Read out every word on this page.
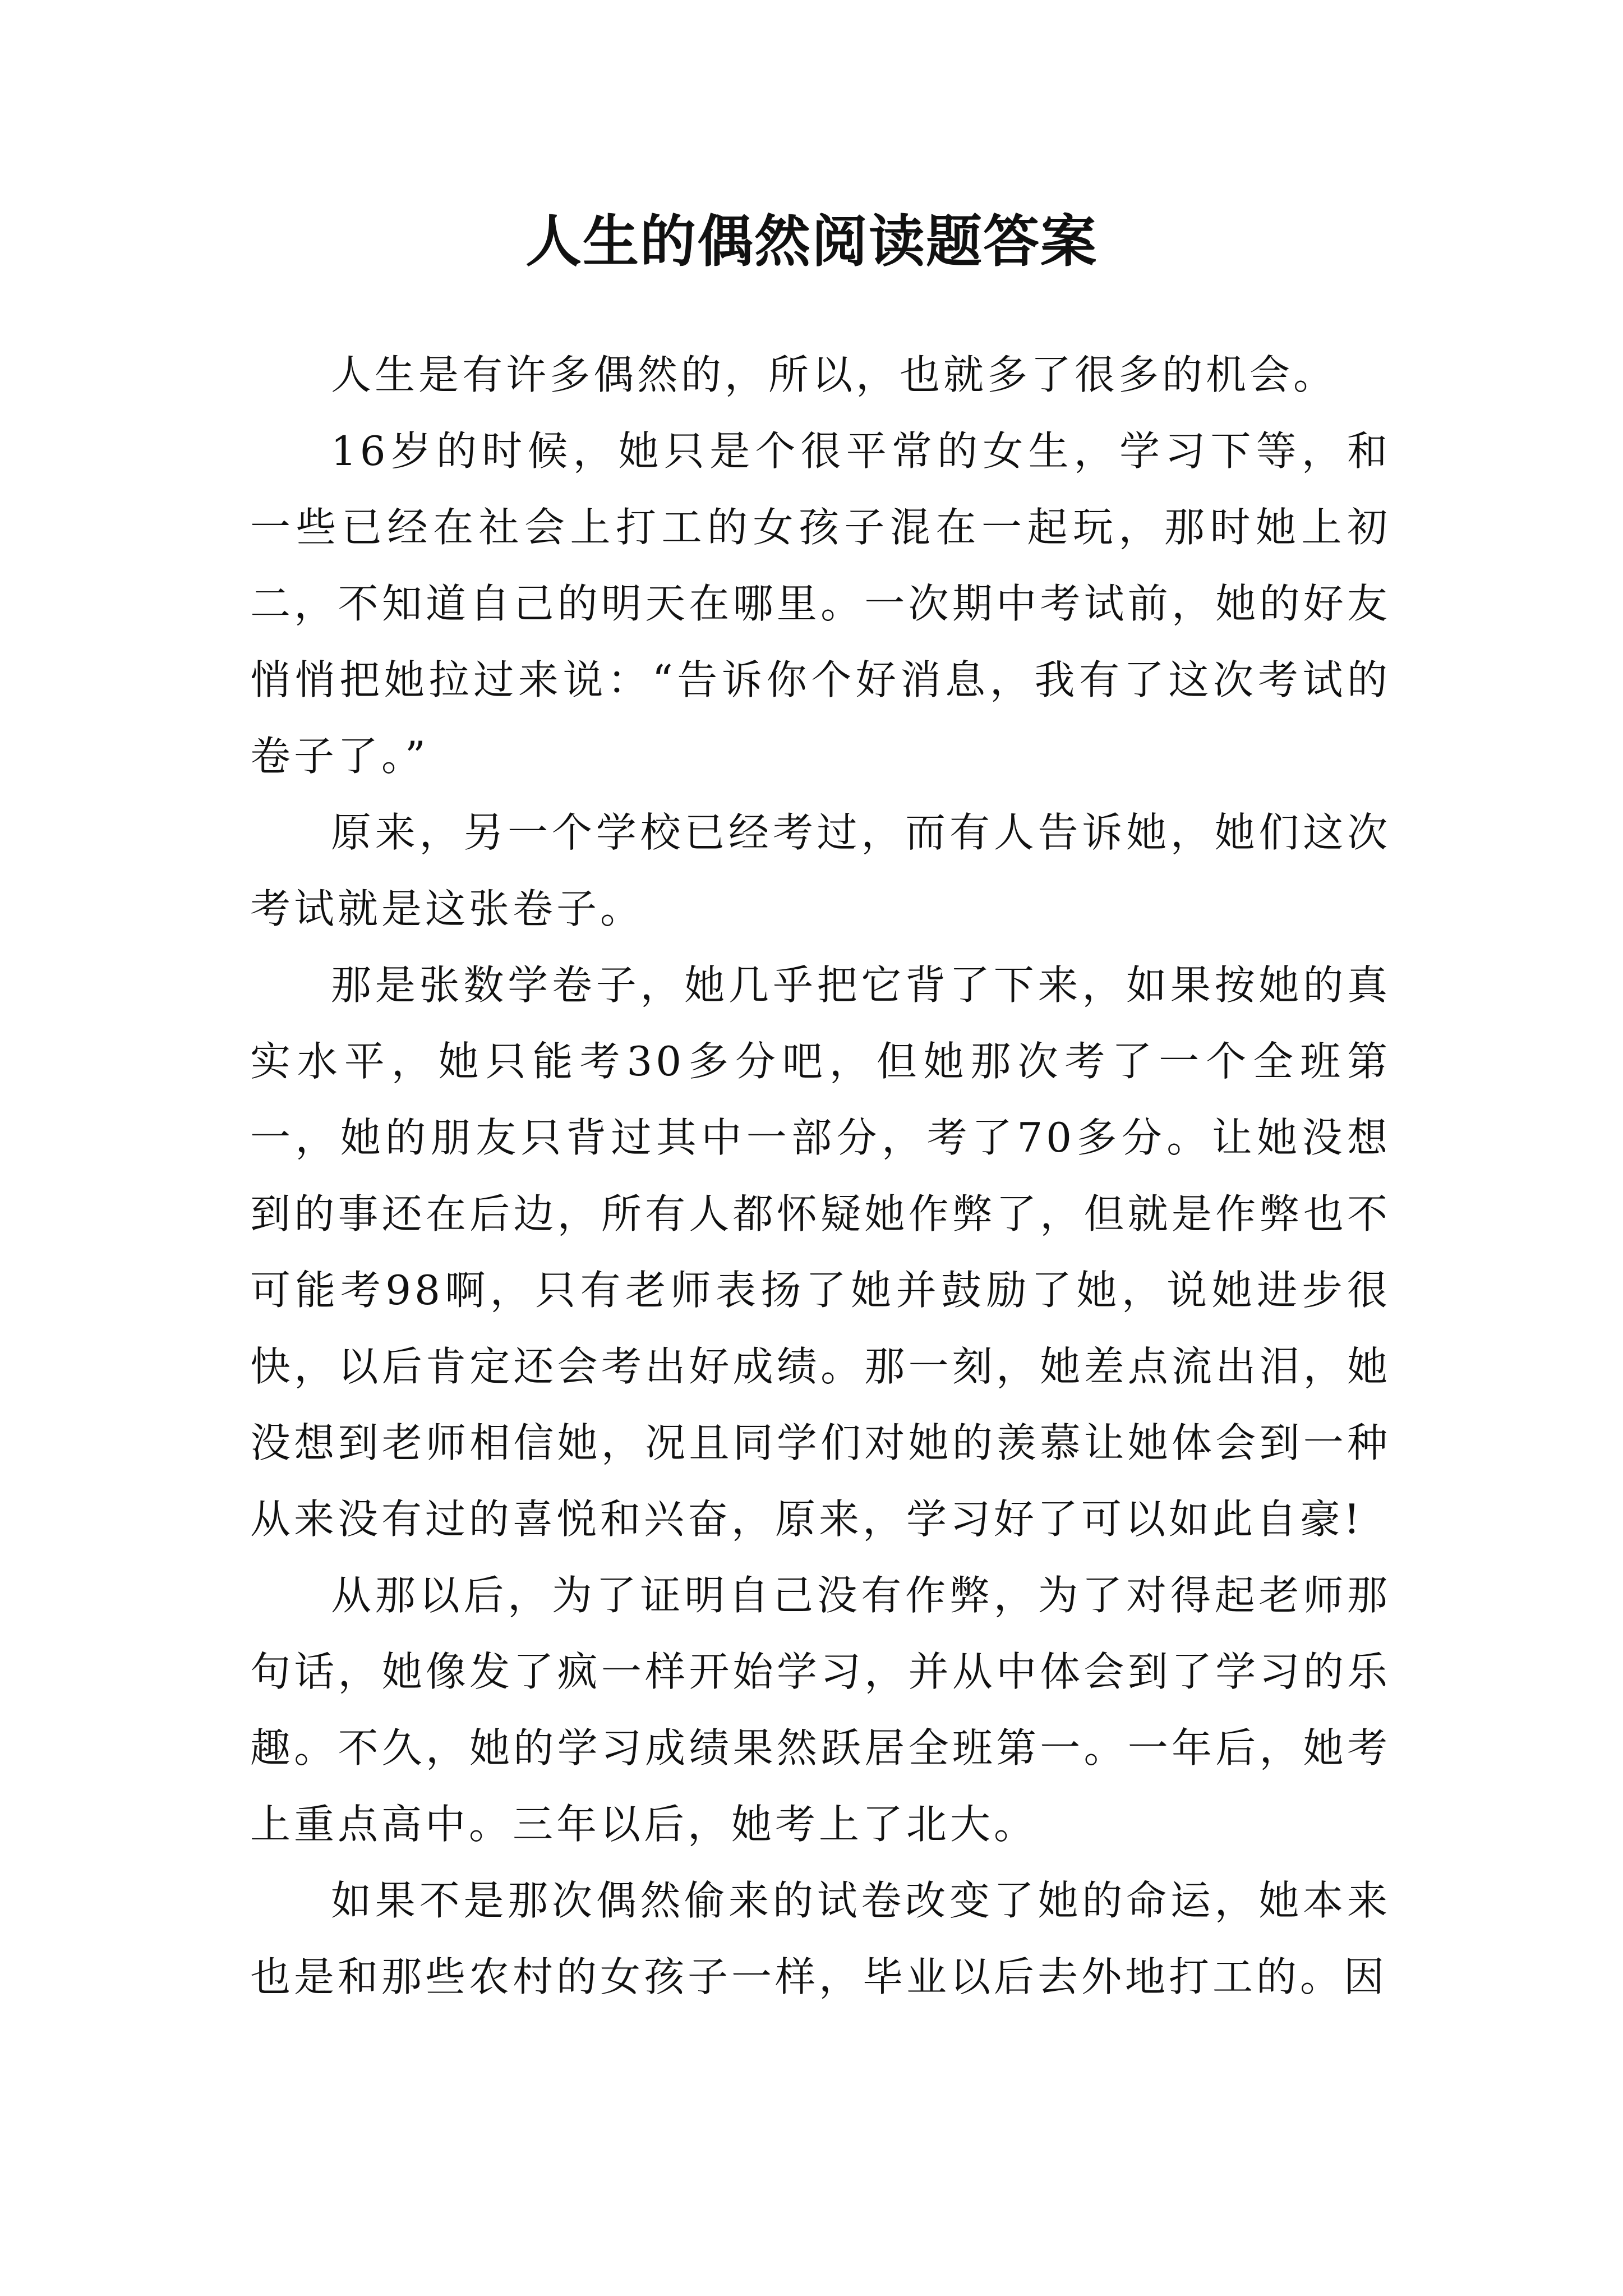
人生的偶然阅读题答案

人生是有许多偶然的，所以，也就多了很多的机会。

16岁的时候，她只是个很平常的女生，学习下等，和一些已经在社会上打工的女孩子混在一起玩，那时她上初二，不知道自己的明天在哪里。一次期中考试前，她的好友悄悄把她拉过来说：“告诉你个好消息，我有了这次考试的卷子了。”

原来，另一个学校已经考过，而有人告诉她，她们这次考试就是这张卷子。

那是张数学卷子，她几乎把它背了下来，如果按她的真实水平，她只能考30多分吧，但她那次考了一个全班第一，她的朋友只背过其中一部分，考了70多分。让她没想到的事还在后边，所有人都怀疑她作弊了，但就是作弊也不可能考98啊，只有老师表扬了她并鼓励了她，说她进步很快，以后肯定还会考出好成绩。那一刻，她差点流出泪，她没想到老师相信她，况且同学们对她的羡慕让她体会到一种从来没有过的喜悦和兴奋，原来，学习好了可以如此自豪!

从那以后，为了证明自己没有作弊，为了对得起老师那句话，她像发了疯一样开始学习，并从中体会到了学习的乐趣。不久，她的学习成绩果然跃居全班第一。一年后，她考上重点高中。三年以后，她考上了北大。

如果不是那次偶然偷来的试卷改变了她的命运，她本来也是和那些农村的女孩子一样，毕业以后去外地打工的。因
